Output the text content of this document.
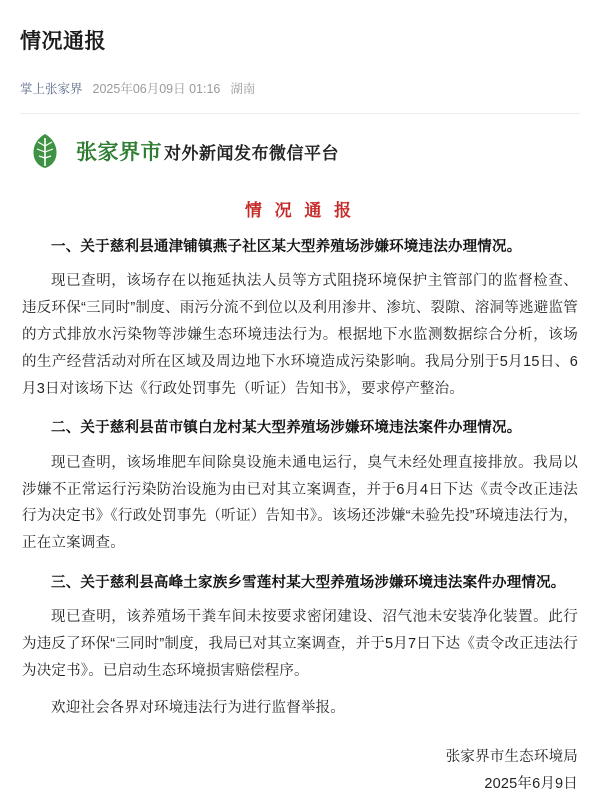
情况通报
掌上张家界 2025年06月09日 01:16 湖南
张家界市 对外新闻发布微信平台
情 况 通 报

一、关于慈利县通津铺镇燕子社区某大型养殖场涉嫌环境违法办理情况。

现已查明，该场存在以拖延执法人员等方式阻挠环境保护主管部门的监督检查、违反环保“三同时”制度、雨污分流不到位以及利用渗井、渗坑、裂隙、溶洞等逃避监管的方式排放水污染物等涉嫌生态环境违法行为。根据地下水监测数据综合分析，该场的生产经营活动对所在区域及周边地下水环境造成污染影响。我局分别于5月15日、6月3日对该场下达《行政处罚事先（听证）告知书》，要求停产整治。

二、关于慈利县苗市镇白龙村某大型养殖场涉嫌环境违法案件办理情况。

现已查明，该场堆肥车间除臭设施未通电运行，臭气未经处理直接排放。我局以涉嫌不正常运行污染防治设施为由已对其立案调查，并于6月4日下达《责令改正违法行为决定书》《行政处罚事先（听证）告知书》。该场还涉嫌“未验先投”环境违法行为，正在立案调查。

三、关于慈利县高峰土家族乡雪莲村某大型养殖场涉嫌环境违法案件办理情况。

现已查明，该养殖场干粪车间未按要求密闭建设、沼气池未安装净化装置。此行为违反了环保“三同时”制度，我局已对其立案调查，并于5月7日下达《责令改正违法行为决定书》。已启动生态环境损害赔偿程序。

欢迎社会各界对环境违法行为进行监督举报。

张家界市生态环境局
2025年6月9日
